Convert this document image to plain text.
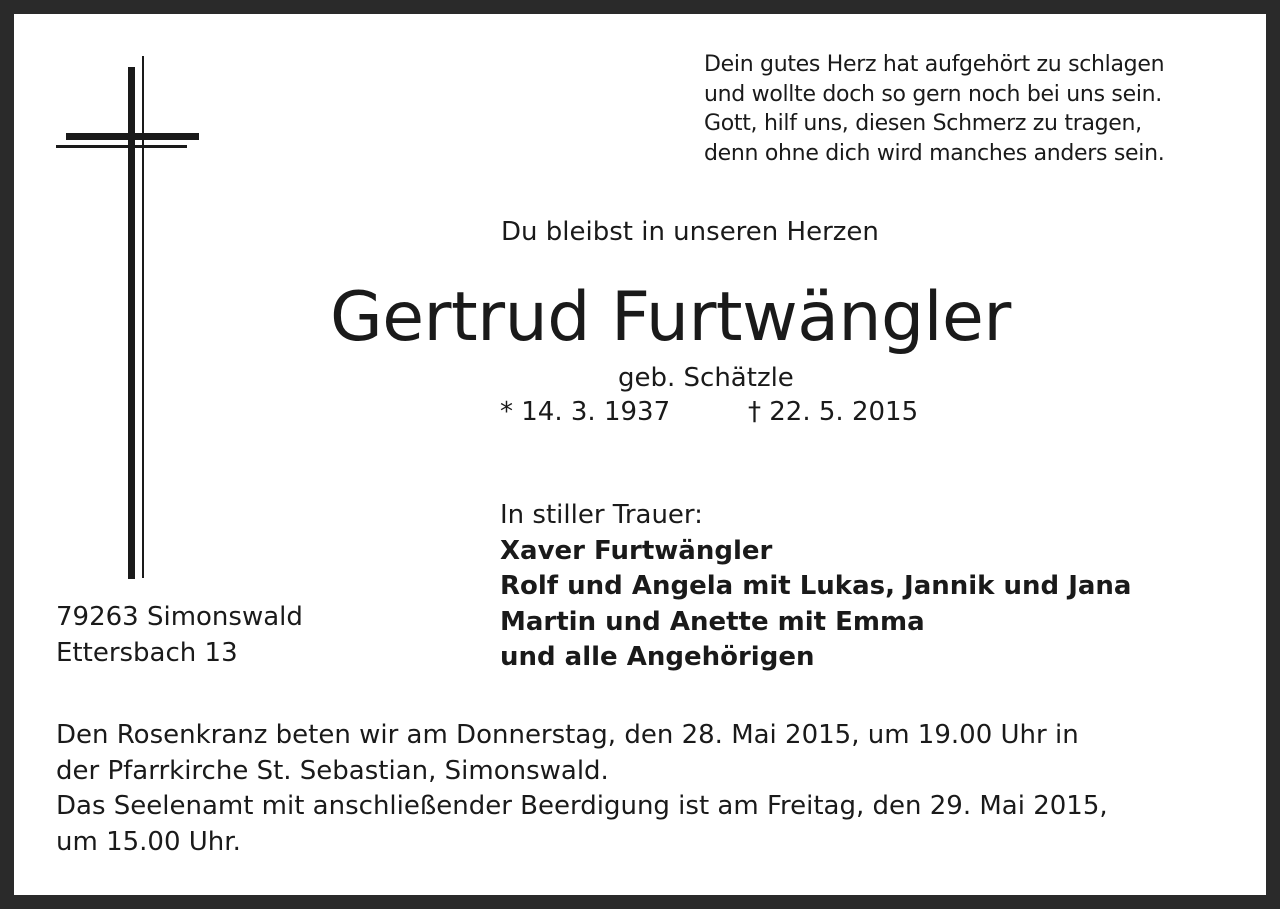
Dein gutes Herz hat aufgehört zu schlagen
und wollte doch so gern noch bei uns sein.
Gott, hilf uns, diesen Schmerz zu tragen,
denn ohne dich wird manches anders sein.
Du bleibst in unseren Herzen
Gertrud Furtwängler
geb. Schätzle
* 14. 3. 1937	† 22. 5. 2015
In stiller Trauer:
Xaver Furtwängler
Rolf und Angela mit Lukas, Jannik und Jana
Martin und Anette mit Emma
und alle Angehörigen
79263 Simonswald
Ettersbach 13
Den Rosenkranz beten wir am Donnerstag, den 28. Mai 2015, um 19.00 Uhr in
der Pfarrkirche St. Sebastian, Simonswald.
Das Seelenamt mit anschließender Beerdigung ist am Freitag, den 29. Mai 2015,
um 15.00 Uhr.
